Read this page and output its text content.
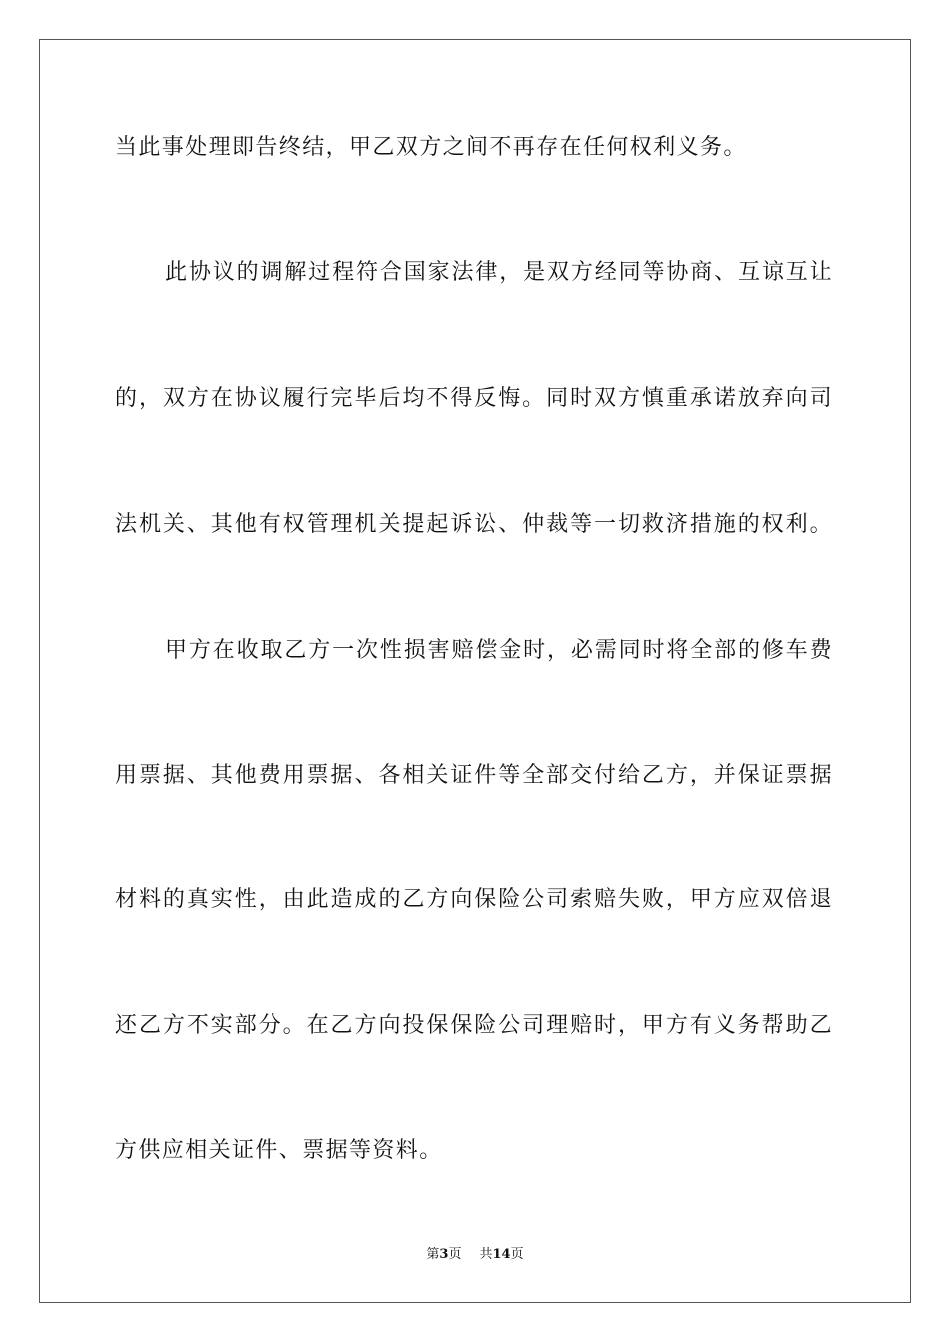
当此事处理即告终结，甲乙双方之间不再存在任何权利义务。
此协议的调解过程符合国家法律，是双方经同等协商、互谅互让
的，双方在协议履行完毕后均不得反悔。同时双方慎重承诺放弃向司
法机关、其他有权管理机关提起诉讼、仲裁等一切救济措施的权利。
甲方在收取乙方一次性损害赔偿金时，必需同时将全部的修车费
用票据、其他费用票据、各相关证件等全部交付给乙方，并保证票据
材料的真实性，由此造成的乙方向保险公司索赔失败，甲方应双倍退
还乙方不实部分。在乙方向投保保险公司理赔时，甲方有义务帮助乙
方供应相关证件、票据等资料。
第3页 共14页
